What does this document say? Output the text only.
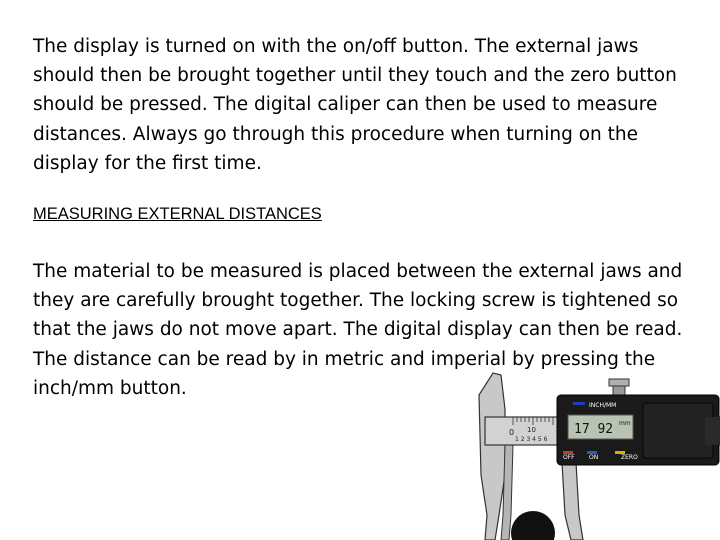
The display is turned on with the on/off button. The external jaws should then be brought together until they touch and the zero button should be pressed. The digital caliper can then be used to measure distances. Always go through this procedure when turning on the display for the first time.

MEASURING EXTERNAL DISTANCES

The material to be measured is placed between the external jaws and they are carefully brought together. The locking screw is tightened so that the jaws do not move apart. The digital display can then be read. The distance can be read by in metric and imperial by pressing the inch/mm button.

0 10
1 2 3 4 5 6
INCH/MM
17 92 mm
OFF ON	ZERO
